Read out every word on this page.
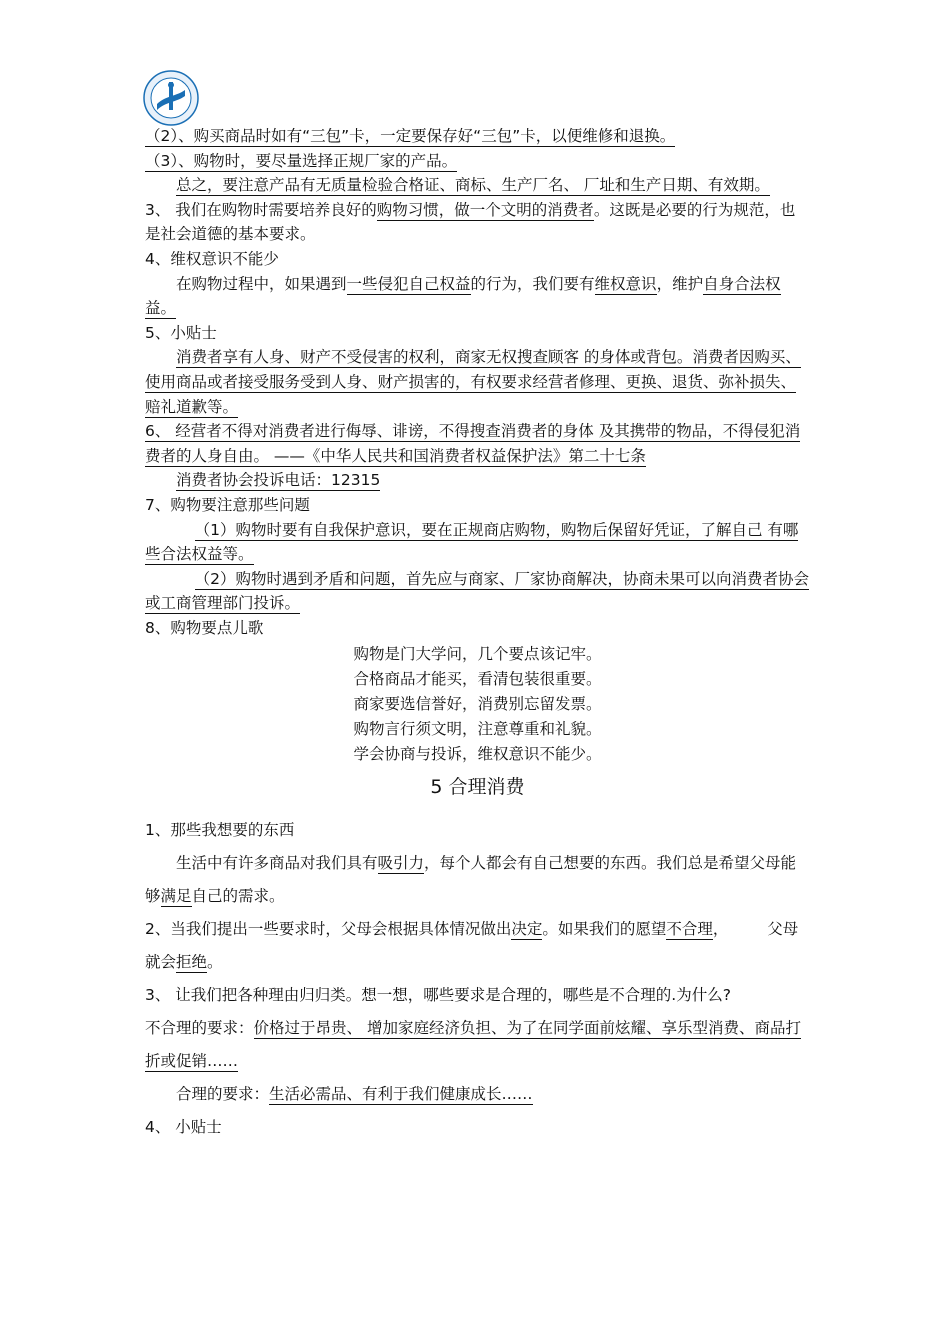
（2）、购买商品时如有“三包”卡，一定要保存好“三包”卡，以便维修和退换。

（3）、购物时，要尽量选择正规厂家的产品。

总之，要注意产品有无质量检验合格证、商标、生产厂名、 厂址和生产日期、有效期。

3、 我们在购物时需要培养良好的购物习惯，做一个文明的消费者。这既是必要的行为规范，也是社会道德的基本要求。

4、维权意识不能少

在购物过程中，如果遇到一些侵犯自己权益的行为，我们要有维权意识，维护自身合法权益。

5、小贴士

消费者享有人身、财产不受侵害的权利，商家无权搜查顾客 的身体或背包。消费者因购买、使用商品或者接受服务受到人身、财产损害的，有权要求经营者修理、更换、退货、弥补损失、赔礼道歉等。

6、 经营者不得对消费者进行侮辱、诽谤，不得搜查消费者的身体 及其携带的物品，不得侵犯消费者的人身自由。 ——《中华人民共和国消费者权益保护法》第二十七条

消费者协会投诉电话：12315

7、购物要注意那些问题

（1）购物时要有自我保护意识，要在正规商店购物，购物后保留好凭证，了解自己 有哪些合法权益等。

（2）购物时遇到矛盾和问题，首先应与商家、厂家协商解决，协商未果可以向消费者协会或工商管理部门投诉。

8、购物要点儿歌

购物是门大学问，几个要点该记牢。
合格商品才能买，看清包装很重要。
商家要选信誉好，消费别忘留发票。
购物言行须文明，注意尊重和礼貌。
学会协商与投诉，维权意识不能少。
5 合理消费

1、那些我想要的东西

生活中有许多商品对我们具有吸引力，每个人都会有自己想要的东西。我们总是希望父母能够满足自己的需求。

2、当我们提出一些要求时，父母会根据具体情况做出决定。如果我们的愿望不合理，	父母就会拒绝。

3、 让我们把各种理由归归类。想一想，哪些要求是合理的，哪些是不合理的.为什么?

不合理的要求：价格过于昂贵、 增加家庭经济负担、为了在同学面前炫耀、享乐型消费、商品打折或促销……

合理的要求：生活必需品、有利于我们健康成长……

4、 小贴士
